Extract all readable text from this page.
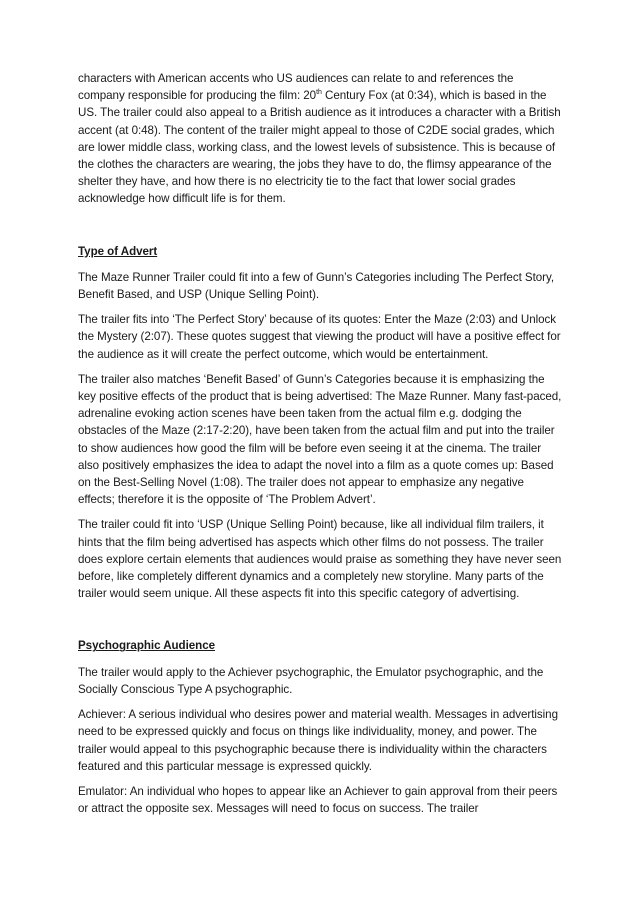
characters with American accents who US audiences can relate to and references the company responsible for producing the film: 20th Century Fox (at 0:34), which is based in the US. The trailer could also appeal to a British audience as it introduces a character with a British accent (at 0:48). The content of the trailer might appeal to those of C2DE social grades, which are lower middle class, working class, and the lowest levels of subsistence. This is because of the clothes the characters are wearing, the jobs they have to do, the flimsy appearance of the shelter they have, and how there is no electricity tie to the fact that lower social grades acknowledge how difficult life is for them.

Type of Advert

The Maze Runner Trailer could fit into a few of Gunn’s Categories including The Perfect Story, Benefit Based, and USP (Unique Selling Point).

The trailer fits into ‘The Perfect Story’ because of its quotes: Enter the Maze (2:03) and Unlock the Mystery (2:07). These quotes suggest that viewing the product will have a positive effect for the audience as it will create the perfect outcome, which would be entertainment.

The trailer also matches ‘Benefit Based’ of Gunn’s Categories because it is emphasizing the key positive effects of the product that is being advertised: The Maze Runner. Many fast-paced, adrenaline evoking action scenes have been taken from the actual film e.g. dodging the obstacles of the Maze (2:17-2:20), have been taken from the actual film and put into the trailer to show audiences how good the film will be before even seeing it at the cinema. The trailer also positively emphasizes the idea to adapt the novel into a film as a quote comes up: Based on the Best-Selling Novel (1:08). The trailer does not appear to emphasize any negative effects; therefore it is the opposite of ‘The Problem Advert’.

The trailer could fit into ‘USP (Unique Selling Point) because, like all individual film trailers, it hints that the film being advertised has aspects which other films do not possess. The trailer does explore certain elements that audiences would praise as something they have never seen before, like completely different dynamics and a completely new storyline. Many parts of the trailer would seem unique. All these aspects fit into this specific category of advertising.

Psychographic Audience

The trailer would apply to the Achiever psychographic, the Emulator psychographic, and the Socially Conscious Type A psychographic.

Achiever: A serious individual who desires power and material wealth. Messages in advertising need to be expressed quickly and focus on things like individuality, money, and power. The trailer would appeal to this psychographic because there is individuality within the characters featured and this particular message is expressed quickly.

Emulator: An individual who hopes to appear like an Achiever to gain approval from their peers or attract the opposite sex. Messages will need to focus on success. The trailer
